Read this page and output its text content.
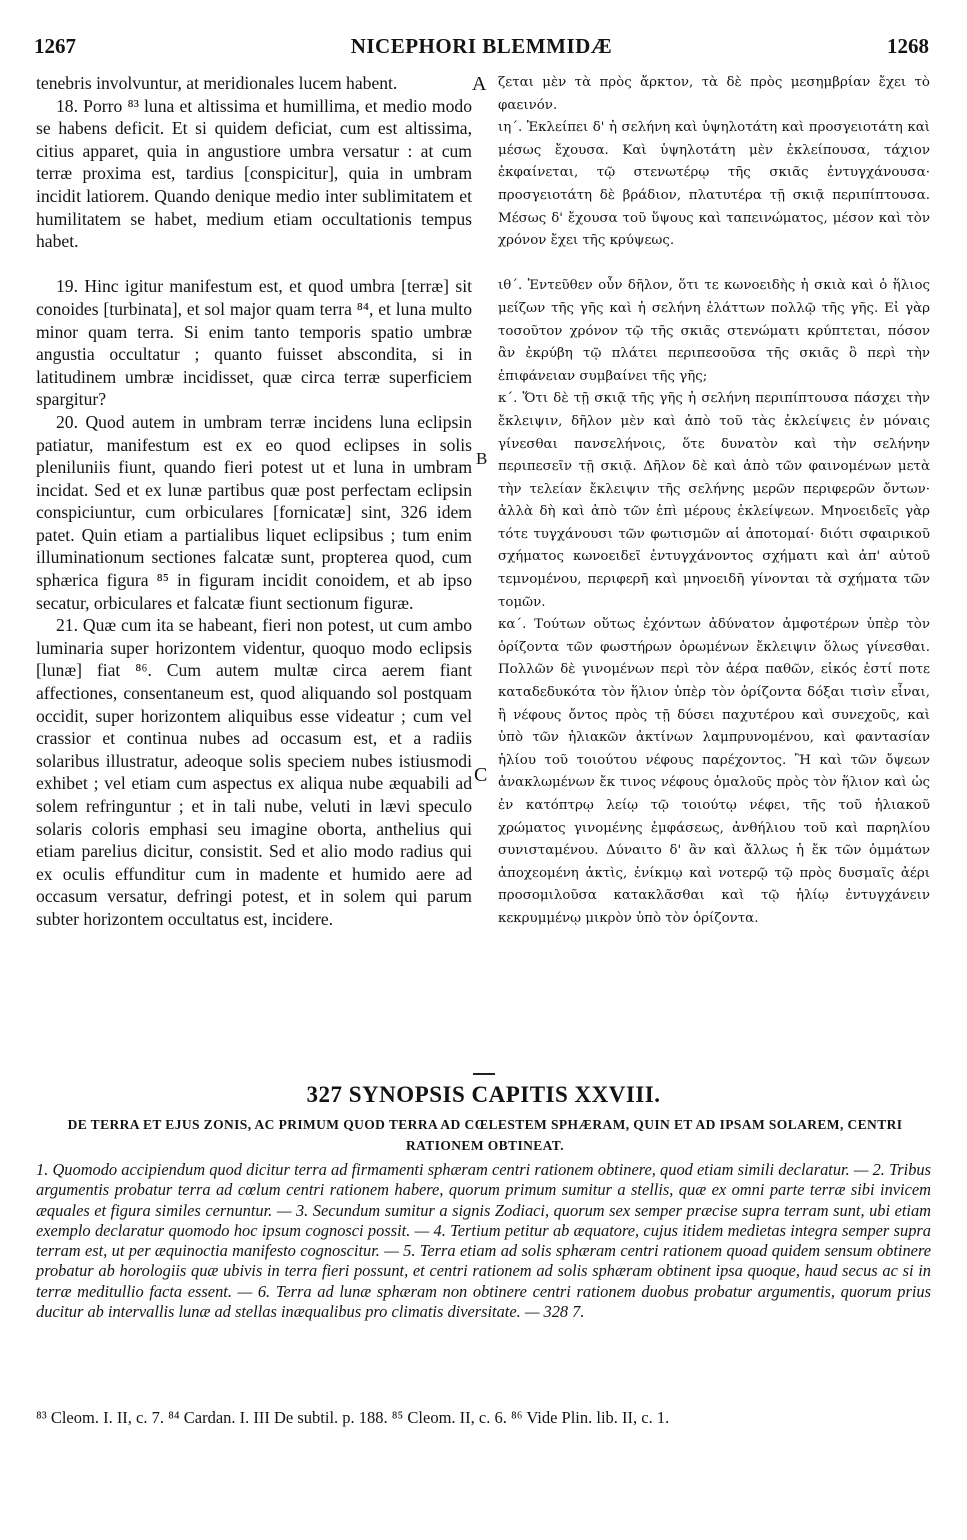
1267	NICEPHORI BLEMMIDÆ	1268

tenebris involvuntur, at meridionales lucem habent.

18. Porro ⁸³ luna et altissima et humillima, et medio modo se habens deficit. Et si quidem deficiat, cum est altissima, citius apparet, quia in angustiore umbra versatur : at cum terræ proxima est, tardius [conspicitur], quia in umbram incidit latiorem. Quando denique medio inter sublimitatem et humilitatem se habet, medium etiam occultationis tempus habet.

19. Hinc igitur manifestum est, et quod umbra [terræ] sit conoides [turbinata], et sol major quam terra ⁸⁴, et luna multo minor quam terra. Si enim tanto temporis spatio umbræ angustia occultatur ; quanto fuisset abscondita, si in latitudinem umbræ incidisset, quæ circa terræ superficiem spargitur?

20. Quod autem in umbram terræ incidens luna eclipsin patiatur, manifestum est ex eo quod eclipses in solis pleniluniis fiunt, quando fieri potest ut et luna in umbram incidat. Sed et ex lunæ partibus quæ post perfectam eclipsin conspiciuntur, cum orbiculares [fornicatæ] sint, 326 idem patet. Quin etiam a partialibus liquet eclipsibus ; tum enim illuminationum sectiones falcatæ sunt, propterea quod, cum sphærica figura ⁸⁵ in figuram incidit conoidem, et ab ipso secatur, orbiculares et falcatæ fiunt sectionum figuræ.

21. Quæ cum ita se habeant, fieri non potest, ut cum ambo luminaria super horizontem videntur, quoquo modo eclipsis [lunæ] fiat ⁸⁶. Cum autem multæ circa aerem fiant affectiones, consentaneum est, quod aliquando sol postquam occidit, super horizontem aliquibus esse videatur ; cum vel crassior et continua nubes ad occasum est, et a radiis solaribus illustratur, adeoque solis speciem nubes istiusmodi exhibet ; vel etiam cum aspectus ex aliqua nube æquabili ad solem refringuntur ; et in tali nube, veluti in lævi speculo solaris coloris emphasi seu imagine oborta, anthelius qui etiam parelius dicitur, consistit. Sed et alio modo radius qui ex oculis effunditur cum in madente et humido aere ad occasum versatur, defringi potest, et in solem qui parum subter horizontem occultatus est, incidere.

A
B
C

ζεται μὲν τὰ πρὸς ἄρκτον, τὰ δὲ πρὸς μεσημβρίαν ἔχει τὸ φαεινόν.

ιη΄. Ἐκλείπει δ' ἡ σελήνη καὶ ὑψηλοτάτη καὶ προσγειοτάτη καὶ μέσως ἔχουσα. Καὶ ὑψηλοτάτη μὲν ἐκλείπουσα, τάχιον ἐκφαίνεται, τῷ στενωτέρῳ τῆς σκιᾶς ἐντυγχάνουσα· προσγειοτάτη δὲ βράδιον, πλατυτέρα τῇ σκιᾷ περιπίπτουσα. Μέσως δ' ἔχουσα τοῦ ὕψους καὶ ταπεινώματος, μέσον καὶ τὸν χρόνον ἔχει τῆς κρύψεως.

ιθ΄. Ἐντεῦθεν οὖν δῆλον, ὅτι τε κωνοειδὴς ἡ σκιὰ καὶ ὁ ἥλιος μείζων τῆς γῆς καὶ ἡ σελήνη ἐλάττων πολλῷ τῆς γῆς. Εἰ γὰρ τοσοῦτον χρόνον τῷ τῆς σκιᾶς στενώματι κρύπτεται, πόσον ἂν ἐκρύβη τῷ πλάτει περιπεσοῦσα τῆς σκιᾶς ὃ περὶ τὴν ἐπιφάνειαν συμβαίνει τῆς γῆς;

κ΄. Ὅτι δὲ τῇ σκιᾷ τῆς γῆς ἡ σελήνη περιπίπτουσα πάσχει τὴν ἔκλειψιν, δῆλον μὲν καὶ ἀπὸ τοῦ τὰς ἐκλείψεις ἐν μόναις γίνεσθαι πανσελήνοις, ὅτε δυνατὸν καὶ τὴν σελήνην περιπεσεῖν τῇ σκιᾷ. Δῆλον δὲ καὶ ἀπὸ τῶν φαινομένων μετὰ τὴν τελείαν ἔκλειψιν τῆς σελήνης μερῶν περιφερῶν ὄντων· ἀλλὰ δὴ καὶ ἀπὸ τῶν ἐπὶ μέρους ἐκλείψεων. Μηνοειδεῖς γὰρ τότε τυγχάνουσι τῶν φωτισμῶν αἱ ἀποτομαί· διότι σφαιρικοῦ σχήματος κωνοειδεῖ ἐντυγχάνοντος σχήματι καὶ ἀπ' αὐτοῦ τεμνομένου, περιφερῆ καὶ μηνοειδῆ γίνονται τὰ σχήματα τῶν τομῶν.

κα΄. Τούτων οὕτως ἐχόντων ἀδύνατον ἀμφοτέρων ὑπὲρ τὸν ὁρίζοντα τῶν φωστήρων ὁρωμένων ἔκλειψιν ὅλως γίνεσθαι. Πολλῶν δὲ γινομένων περὶ τὸν ἀέρα παθῶν, εἰκός ἐστί ποτε καταδεδυκότα τὸν ἥλιον ὑπὲρ τὸν ὁρίζοντα δόξαι τισὶν εἶναι, ἢ νέφους ὄντος πρὸς τῇ δύσει παχυτέρου καὶ συνεχοῦς, καὶ ὑπὸ τῶν ἡλιακῶν ἀκτίνων λαμπρυνομένου, καὶ φαντασίαν ἡλίου τοῦ τοιούτου νέφους παρέχοντος. Ἢ καὶ τῶν ὄψεων ἀνακλωμένων ἔκ τινος νέφους ὁμαλοῦς πρὸς τὸν ἥλιον καὶ ὡς ἐν κατόπτρῳ λείῳ τῷ τοιούτῳ νέφει, τῆς τοῦ ἡλιακοῦ χρώματος γινομένης ἐμφάσεως, ἀνθήλιου τοῦ καὶ παρηλίου συνισταμένου. Δύναιτο δ' ἂν καὶ ἄλλως ἡ ἔκ τῶν ὀμμάτων ἀποχεομένη ἀκτὶς, ἐνίκμῳ καὶ νοτερῷ τῷ πρὸς δυσμαῖς ἀέρι προσομιλοῦσα κατακλᾶσθαι καὶ τῷ ἡλίῳ ἐντυγχάνειν κεκρυμμένῳ μικρὸν ὑπὸ τὸν ὁρίζοντα.

327 SYNOPSIS CAPITIS XXVIII.
DE TERRA ET EJUS ZONIS, AC PRIMUM QUOD TERRA AD CŒLESTEM SPHÆRAM, QUIN ET AD IPSAM SOLAREM, CENTRI RATIONEM OBTINEAT.

1. Quomodo accipiendum quod dicitur terra ad firmamenti sphæram centri rationem obtinere, quod etiam simili declaratur. — 2. Tribus argumentis probatur terra ad cœlum centri rationem habere, quorum primum sumitur a stellis, quæ ex omni parte terræ sibi invicem æquales et figura similes cernuntur. — 3. Secundum sumitur a signis Zodiaci, quorum sex semper præcise supra terram sunt, ubi etiam exemplo declaratur quomodo hoc ipsum cognosci possit. — 4. Tertium petitur ab æquatore, cujus itidem medietas integra semper supra terram est, ut per æquinoctia manifesto cognoscitur. — 5. Terra etiam ad solis sphæram centri rationem quoad quidem sensum obtinere probatur ab horologiis quæ ubivis in terra fieri possunt, et centri rationem ad solis sphæram obtinent ipsa quoque, haud secus ac si in terræ meditullio facta essent. — 6. Terra ad lunæ sphæram non obtinere centri rationem duobus probatur argumentis, quorum prius ducitur ab intervallis lunæ ad stellas inæqualibus pro climatis diversitate. — 328 7.

⁸³ Cleom. I. II, c. 7. ⁸⁴ Cardan. I. III De subtil. p. 188. ⁸⁵ Cleom. II, c. 6. ⁸⁶ Vide Plin. lib. II, c. 1.
